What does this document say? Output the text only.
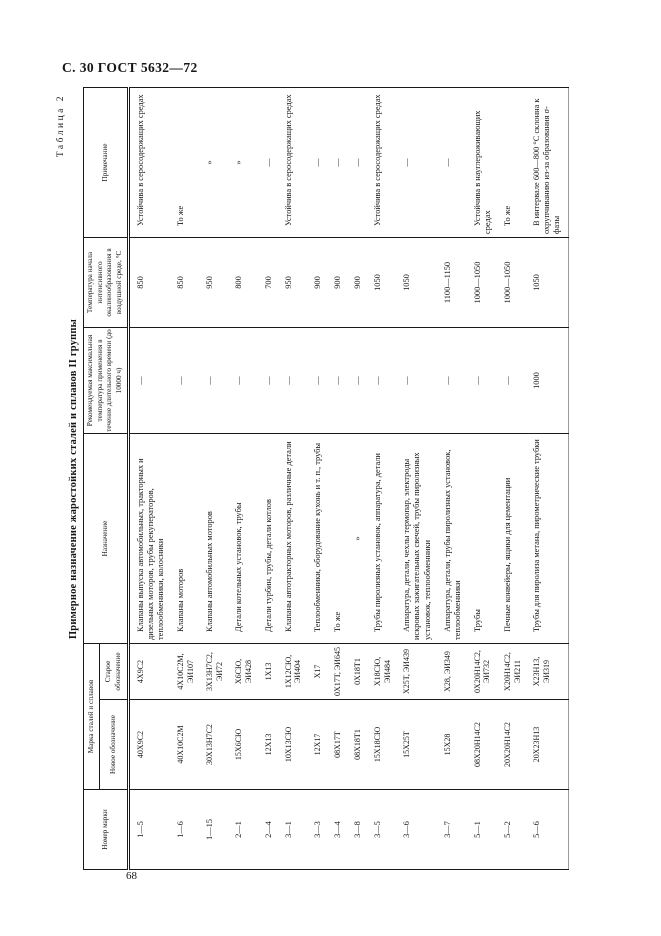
С. 30 ГОСТ 5632—72
Таблица 2
Примерное назначение жаростойких сталей и сплавов II группы
Номер марки	Марка сталей и сплавов		Назначение	Рекомендуемая максимальная температура применения в течение длительного времени (до 10000 ч)	Температура начала интенсивного окалинообразования в воздушной среде, °С	Примечание
	Новое обозначение	Старое обозначение				
1—5	40Х9С2	4Х9С2	Клапаны выпуска автомобильных, тракторных и дизельных моторов, трубы рекуператоров, теплообменники, колосники	—	850	Устойчива в серосодержащих средах
1—6	40Х10С2М	4Х10С2М, ЭИ107	Клапаны моторов	—	850	То же
1—15	30Х13Н7С2	3Х13Н7С2, ЭИ72	Клапаны автомобильных моторов	—	950	»
2—1	15Х6СЮ	Х6СЮ, ЭИ428	Детали котельных установок, трубы	—	800	»
2—4	12Х13	1Х13	Детали турбин, трубы, детали котлов	—	700	—
3—1	10Х13СЮ	1Х12СЮ, ЭИ404	Клапаны автотракторных моторов, различные детали	—	950	Устойчива в серосодержащих средах
3—3	12Х17	Х17	Теплообменники, оборудование кухонь и т. п., трубы	—	900	—
3—4	08Х17Т	0Х17Т, ЭИ645	То же	—	900	—
3—8	08Х18Т1	0Х18Т1	»	—	900	—
3—5	15Х18СЮ	Х18СЮ, ЭИ484	Трубы пиролизных установок, аппаратура, детали	—	1050	Устойчива в серосодержащих средах
3—6	15Х25Т	Х25Т, ЭИ439	Аппаратура, детали, чехлы термопар, электроды искровых зажигательных свечей, трубы пиролизных установок, теплообменники	—	1050	—
3—7	15Х28	Х28, ЭИ349	Аппаратура, детали, трубы пиролизных установок, теплообменники	—	1100—1150	—
5—1	08Х20Н14С2	0Х20Н14С2, ЭИ732	Трубы	—	1000—1050	Устойчива в науглероживающих средах
5—2	20Х20Н14С2	Х20Н14С2, ЭИ211	Печные конвейеры, ящики для цементации	—	1000—1050	То же
5—6	20Х23Н13	Х23Н13, ЭИ319	Трубы для пиролиза метана, пирометрические трубки	1000	1050	В интервале 600—800 °С склонна к охрупчиванию из-за образования σ-фазы
68
